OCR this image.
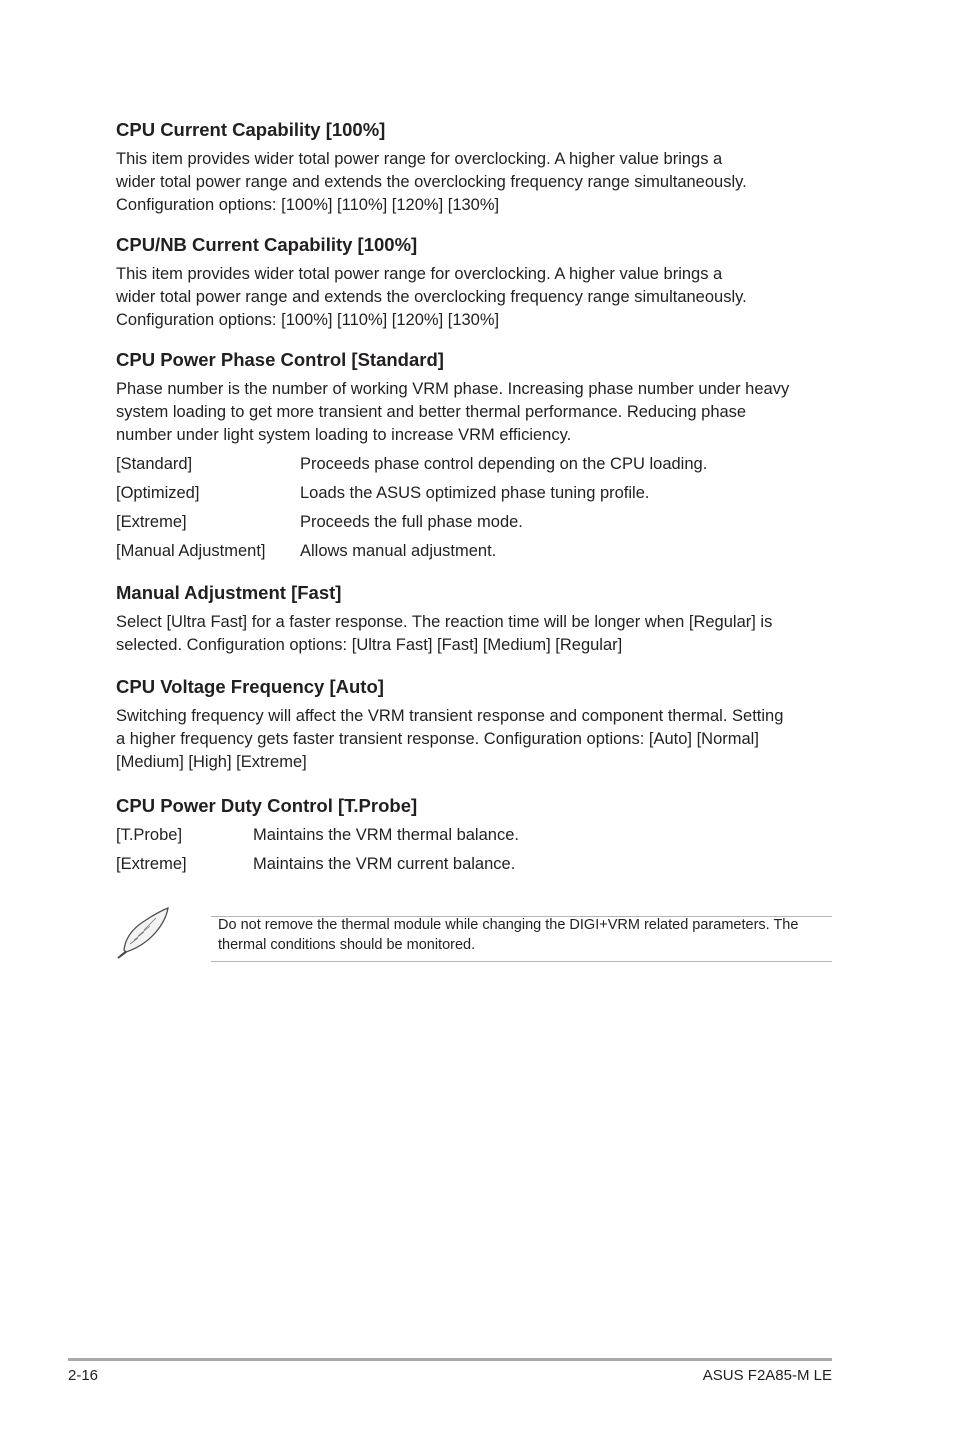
CPU Current Capability [100%]
This item provides wider total power range for overclocking. A higher value brings a
wider total power range and extends the overclocking frequency range simultaneously.
Configuration options: [100%] [110%] [120%] [130%]
CPU/NB Current Capability [100%]
This item provides wider total power range for overclocking. A higher value brings a
wider total power range and extends the overclocking frequency range simultaneously.
Configuration options: [100%] [110%] [120%] [130%]
CPU Power Phase Control [Standard]
Phase number is the number of working VRM phase. Increasing phase number under heavy
system loading to get more transient and better thermal performance. Reducing phase
number under light system loading to increase VRM efficiency.
[Standard]	Proceeds phase control depending on the CPU loading.
[Optimized]	Loads the ASUS optimized phase tuning profile.
[Extreme]	Proceeds the full phase mode.
[Manual Adjustment]	Allows manual adjustment.
Manual Adjustment [Fast]
Select [Ultra Fast] for a faster response. The reaction time will be longer when [Regular] is
selected. Configuration options: [Ultra Fast] [Fast] [Medium] [Regular]
CPU Voltage Frequency [Auto]
Switching frequency will affect the VRM transient response and component thermal. Setting
a higher frequency gets faster transient response. Configuration options: [Auto] [Normal]
[Medium] [High] [Extreme]
CPU Power Duty Control [T.Probe]
[T.Probe]	Maintains the VRM thermal balance.
[Extreme]	Maintains the VRM current balance.
Do not remove the thermal module while changing the DIGI+VRM related parameters. The
thermal conditions should be monitored.
2-16	ASUS F2A85-M LE
